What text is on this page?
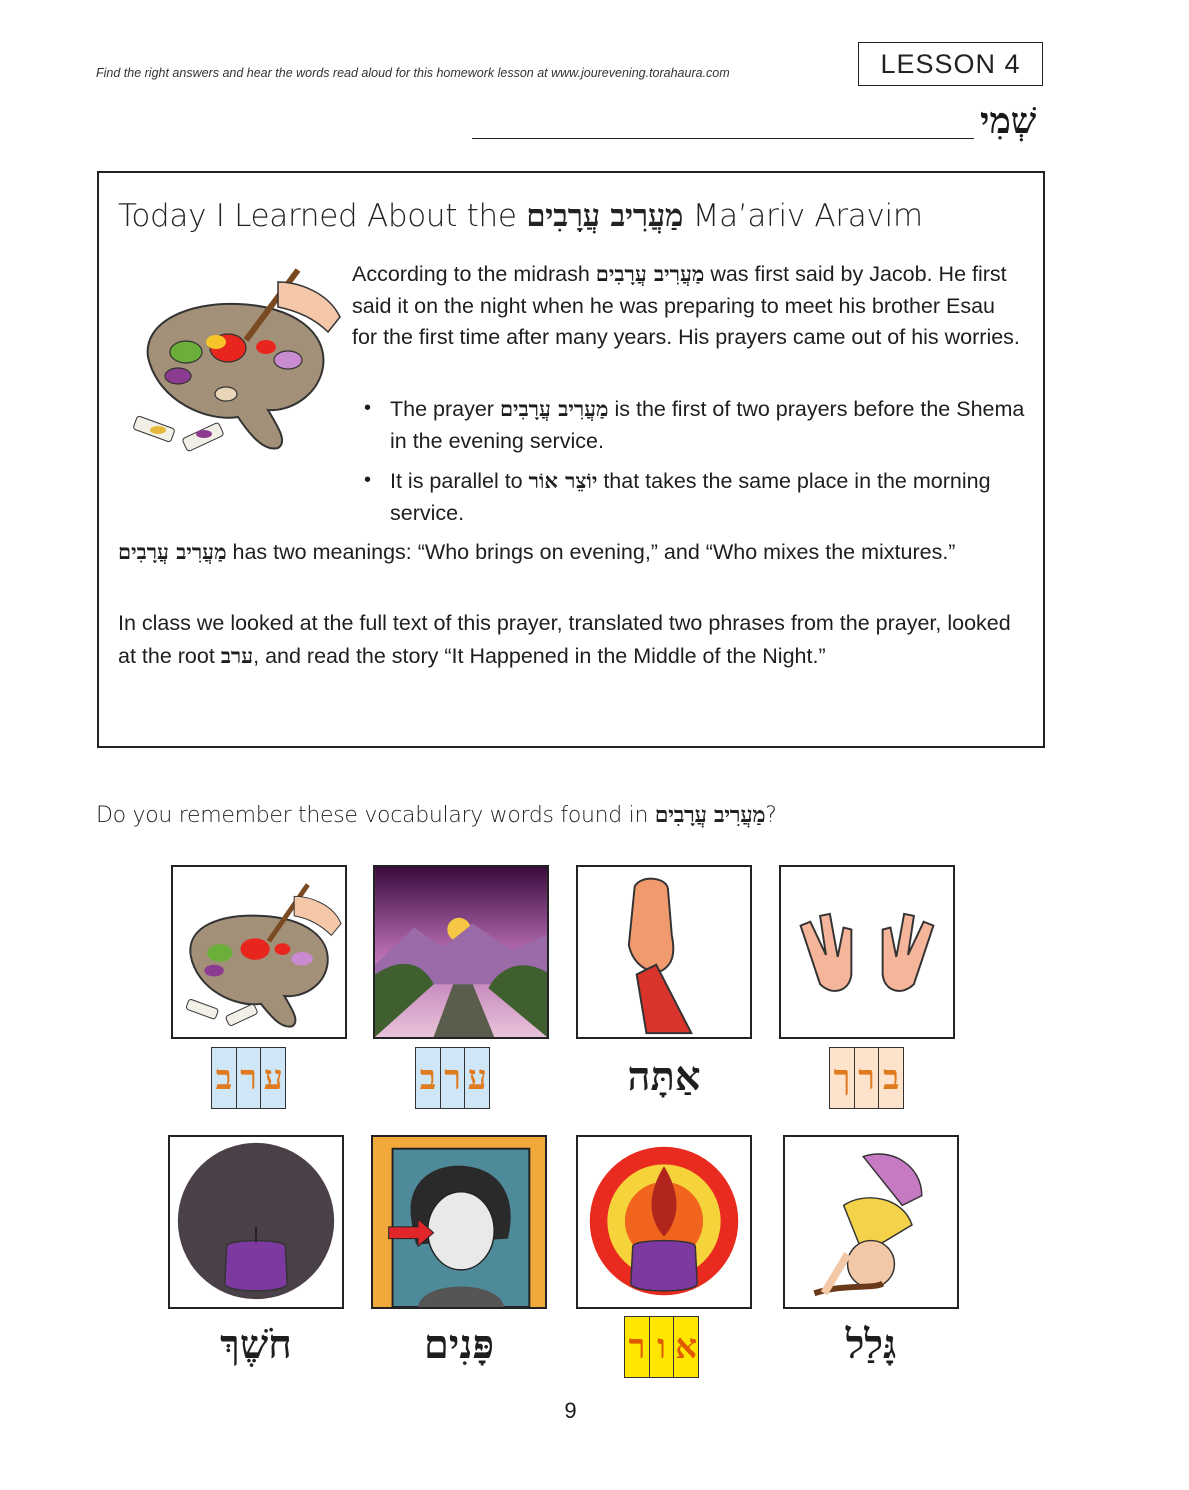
Find the right answers and hear the words read aloud for this homework lesson at www.jourevening.torahaura.com	LESSON 4
שְׁמִי
Today I Learned About the מַעֲרִיב עֲרָבִים Ma’ariv Aravim
According to the midrash מַעֲרִיב עֲרָבִים was first said by Jacob. He first said it on the night when he was preparing to meet his brother Esau for the first time after many years. His prayers came out of his worries.
• The prayer מַעֲרִיב עֲרָבִים is the first of two prayers before the Shema in the evening service.
• It is parallel to יוֹצֵר אוֹר that takes the same place in the morning service.
מַעֲרִיב עֲרָבִים has two meanings: “Who brings on evening,” and “Who mixes the mixtures.”
In class we looked at the full text of this prayer, translated two phrases from the prayer, looked at the root ערב, and read the story “It Happened in the Middle of the Night.”
Do you remember these vocabulary words found in מַעֲרִיב עֲרָבִים?
ע
ר
ב	ע
ר
ב	אַתָּה	ב
ר
ך
חֹשֶׁךְ	פָּנִים	א
ו
ר	גָּלַל
9
